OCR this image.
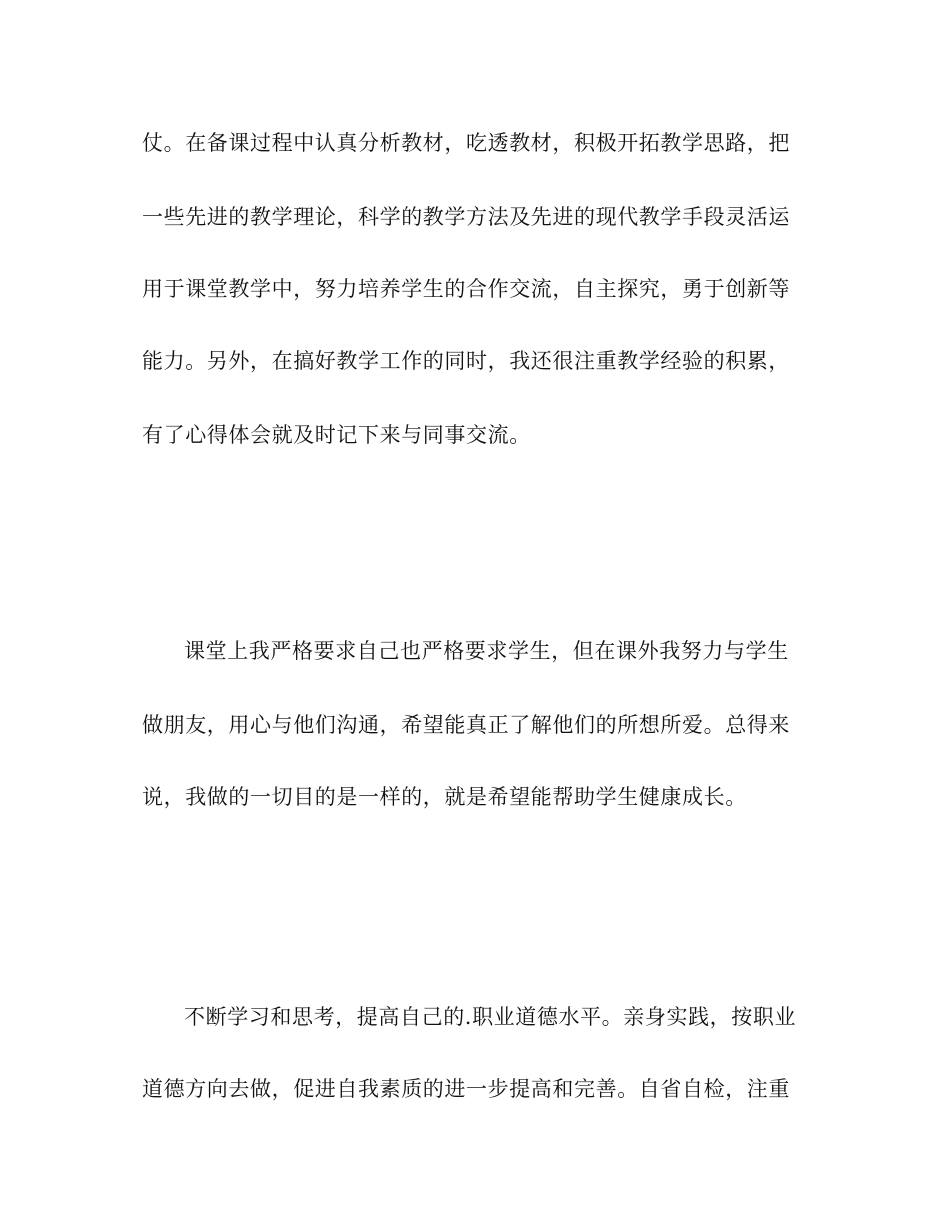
仗。在备课过程中认真分析教材，吃透教材，积极开拓教学思路，把
一些先进的教学理论，科学的教学方法及先进的现代教学手段灵活运
用于课堂教学中，努力培养学生的合作交流，自主探究，勇于创新等
能力。另外，在搞好教学工作的同时，我还很注重教学经验的积累，
有了心得体会就及时记下来与同事交流。
课堂上我严格要求自己也严格要求学生，但在课外我努力与学生
做朋友，用心与他们沟通，希望能真正了解他们的所想所爱。总得来
说，我做的一切目的是一样的，就是希望能帮助学生健康成长。
不断学习和思考，提高自己的.职业道德水平。亲身实践，按职业
道德方向去做，促进自我素质的进一步提高和完善。自省自检，注重
